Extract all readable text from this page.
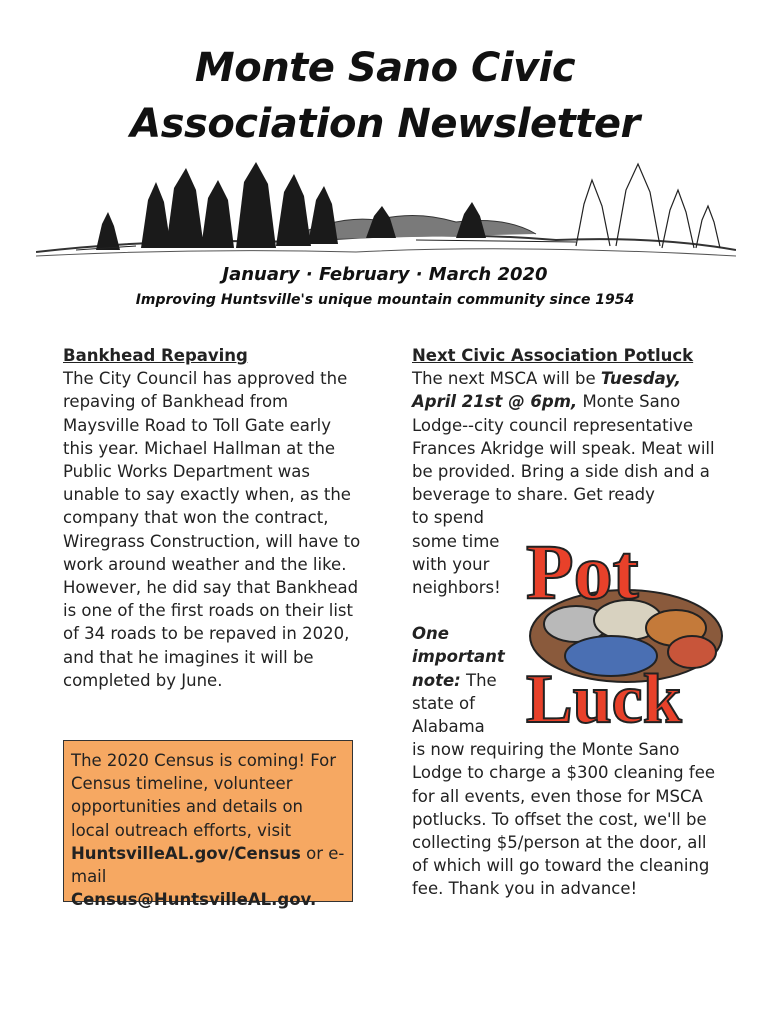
Monte Sano Civic
Association Newsletter
January · February · March 2020
Improving Huntsville's unique mountain community since 1954
Bankhead Repaving
The City Council has approved the repaving of Bankhead from Maysville Road to Toll Gate early this year. Michael Hallman at the Public Works Department was unable to say exactly when, as the company that won the contract, Wiregrass Construction, will have to work around weather and the like. However, he did say that Bankhead is one of the first roads on their list of 34 roads to be repaved in 2020, and that he imagines it will be completed by June.
The 2020 Census is coming! For Census timeline, volunteer opportunities and details on local outreach efforts, visit HuntsvilleAL.gov/Census or e-mail Census@HuntsvilleAL.gov.
Next Civic Association Potluck
The next MSCA will be Tuesday, April 21st @ 6pm, Monte Sano Lodge--city council representative Frances Akridge will speak. Meat will be provided. Bring a side dish and a beverage to share. Get ready
to spend some time with your neighbors!
One important note: The state of Alabama
is now requiring the Monte Sano Lodge to charge a $300 cleaning fee for all events, even those for MSCA potlucks. To offset the cost, we'll be collecting $5/person at the door, all of which will go toward the cleaning fee. Thank you in advance!
Pot
Luck
